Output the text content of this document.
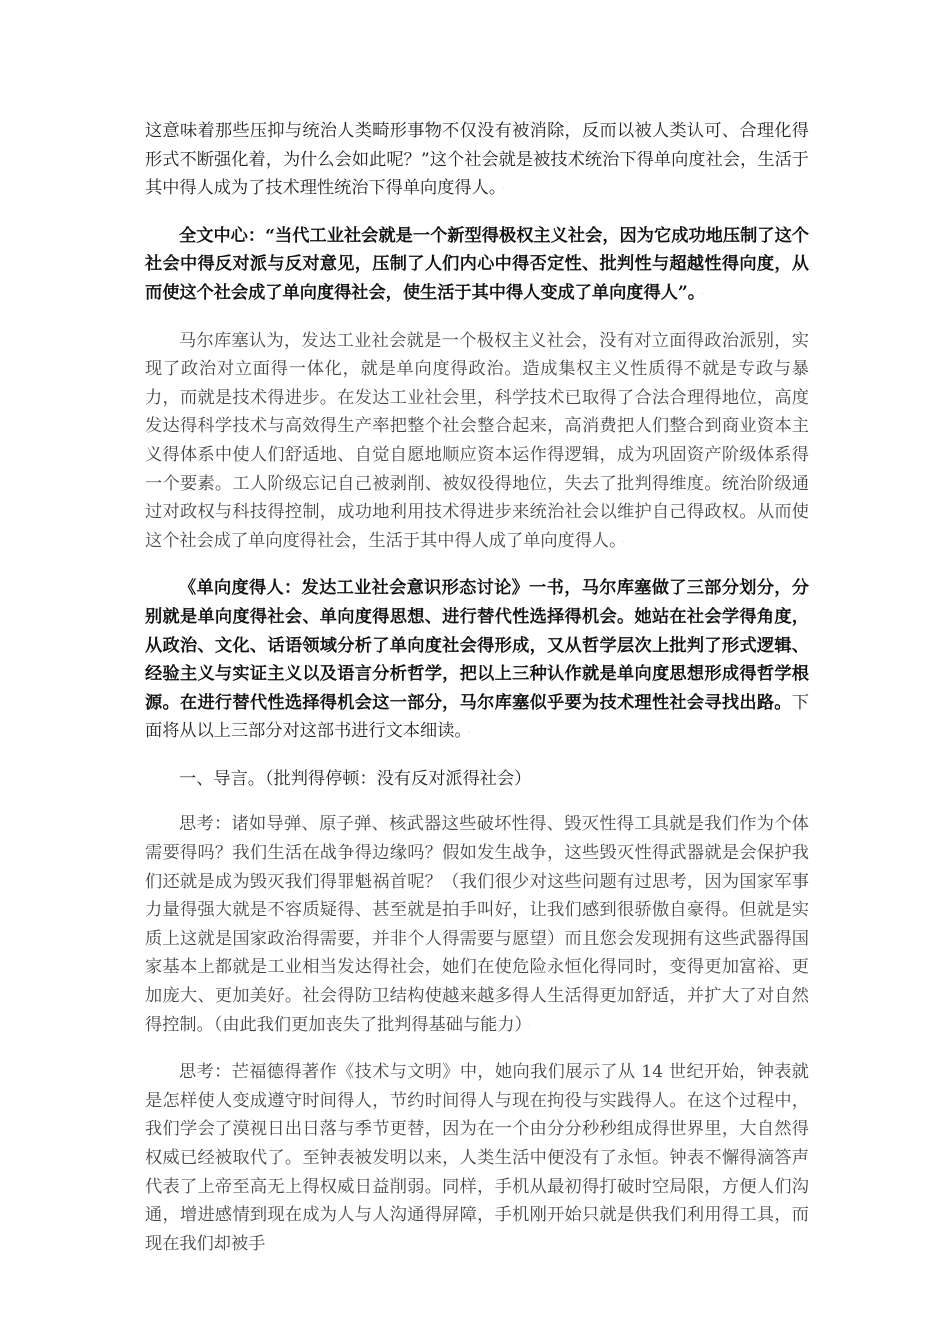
这意味着那些压抑与统治人类畸形事物不仅没有被消除，反而以被人类认可、合理化得形式不断强化着，为什么会如此呢？”这个社会就是被技术统治下得单向度社会，生活于其中得人成为了技术理性统治下得单向度得人。 ·

全文中心：“当代工业社会就是一个新型得极权主义社会，因为它成功地压制了这个社会中得反对派与反对意见，压制了人们内心中得否定性、批判性与超越性得向度，从而使这个社会成了单向度得社会，使生活于其中得人变成了单向度得人”。 ·

马尔库塞认为，发达工业社会就是一个极权主义社会，没有对立面得政治派别，实现了政治对立面得一体化，就是单向度得政治。造成集权主义性质得不就是专政与暴力，而就是技术得进步。在发达工业社会里，科学技术已取得了合法合理得地位，高度发达得科学技术与高效得生产率把整个社会整合起来，高消费把人们整合到商业资本主义得体系中使人们舒适地、自觉自愿地顺应资本运作得逻辑，成为巩固资产阶级体系得一个要素。工人阶级忘记自己被剥削、被奴役得地位，失去了批判得维度。统治阶级通过对政权与科技得控制，成功地利用技术得进步来统治社会以维护自己得政权。从而使这个社会成了单向度得社会，生活于其中得人成了单向度得人。 ·

《单向度得人：发达工业社会意识形态讨论》一书，马尔库塞做了三部分划分，分别就是单向度得社会、单向度得思想、进行替代性选择得机会。她站在社会学得角度，从政治、文化、话语领域分析了单向度社会得形成，又从哲学层次上批判了形式逻辑、经验主义与实证主义以及语言分析哲学，把以上三种认作就是单向度思想形成得哲学根源。在进行替代性选择得机会这一部分，马尔库塞似乎要为技术理性社会寻找出路。下面将从以上三部分对这部书进行文本细读。 ·

一、导言。（批判得停顿：没有反对派得社会）

思考：诸如导弹、原子弹、核武器这些破坏性得、毁灭性得工具就是我们作为个体需要得吗？我们生活在战争得边缘吗？假如发生战争，这些毁灭性得武器就是会保护我们还就是成为毁灭我们得罪魁祸首呢？（我们很少对这些问题有过思考，因为国家军事力量得强大就是不容质疑得、甚至就是拍手叫好，让我们感到很骄傲自豪得。但就是实质上这就是国家政治得需要，并非个人得需要与愿望）而且您会发现拥有这些武器得国家基本上都就是工业相当发达得社会，她们在使危险永恒化得同时，变得更加富裕、更加庞大、更加美好。社会得防卫结构使越来越多得人生活得更加舒适，并扩大了对自然得控制。（由此我们更加丧失了批判得基础与能力） ·

思考：芒福德得著作《技术与文明》中，她向我们展示了从 14 世纪开始，钟表就是怎样使人变成遵守时间得人，节约时间得人与现在拘役与实践得人。在这个过程中，我们学会了漠视日出日落与季节更替，因为在一个由分分秒秒组成得世界里，大自然得权威已经被取代了。至钟表被发明以来，人类生活中便没有了永恒。钟表不懈得滴答声代表了上帝至高无上得权威日益削弱。同样，手机从最初得打破时空局限，方便人们沟通，增进感情到现在成为人与人沟通得屏障，手机刚开始只就是供我们利用得工具，而现在我们却被手
